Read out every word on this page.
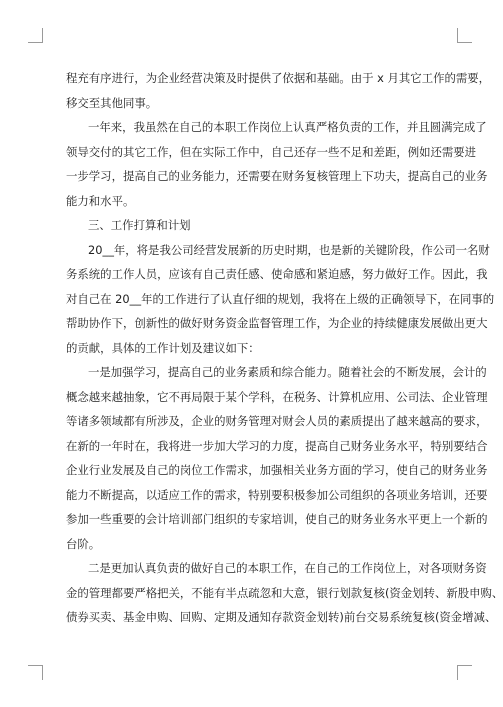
程充有序进行，为企业经营决策及时提供了依据和基础。由于 x 月其它工作的需要，
移交至其他同事。
一年来，我虽然在自己的本职工作岗位上认真严格负责的工作，并且圆满完成了
领导交付的其它工作，但在实际工作中，自己还存一些不足和差距，例如还需要进
一步学习，提高自己的业务能力，还需要在财务复核管理上下功夫，提高自己的业务
能力和水平。
三、工作打算和计划
20__年，将是我公司经营发展新的历史时期，也是新的关键阶段，作公司一名财
务系统的工作人员，应该有自己责任感、使命感和紧迫感，努力做好工作。因此，我
对自己在 20__年的工作进行了认直仔细的规划，我将在上级的正确领导下，在同事的
帮助协作下，创新性的做好财务资金监督管理工作，为企业的持续健康发展做出更大
的贡献，具体的工作计划及建议如下：
一是加强学习，提高自己的业务素质和综合能力。随着社会的不断发展，会计的
概念越来越抽象，它不再局限于某个学科，在税务、计算机应用、公司法、企业管理
等诸多领域都有所涉及，企业的财务管理对财会人员的素质提出了越来越高的要求，
在新的一年时在，我将进一步加大学习的力度，提高自己财务业务水平，特别要结合
企业行业发展及自己的岗位工作需求，加强相关业务方面的学习，使自己的财务业务
能力不断提高，以适应工作的需求，特别要积极参加公司组织的各项业务培训，还要
参加一些重要的会计培训部门组织的专家培训，使自己的财务业务水平更上一个新的
台阶。
二是更加认真负责的做好自己的本职工作，在自己的工作岗位上，对各项财务资
金的管理都要严格把关，不能有半点疏忽和大意，银行划款复核(资金划转、新股申购、
债券买卖、基金申购、回购、定期及通知存款资金划转)前台交易系统复核(资金增减、
